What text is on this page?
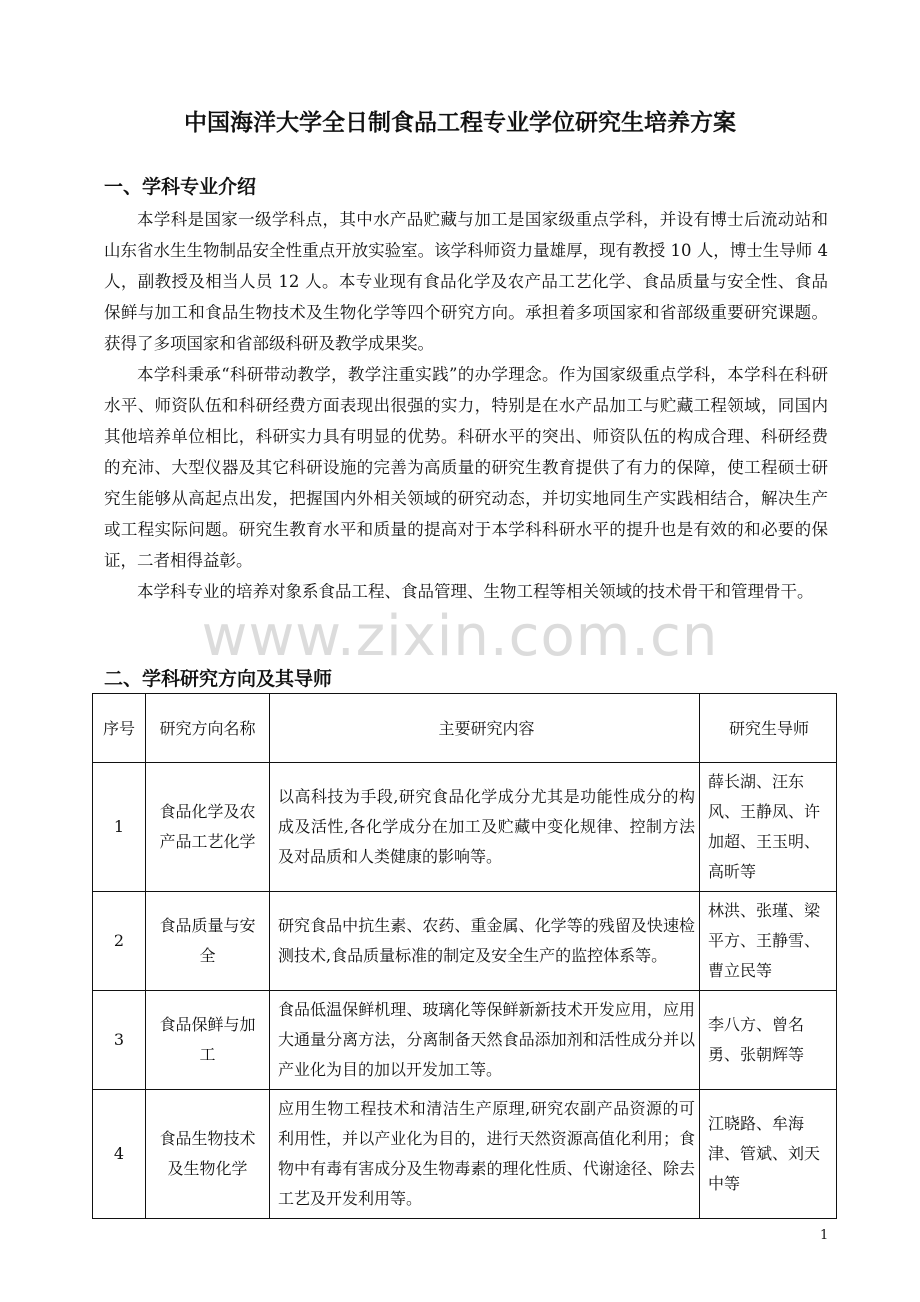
中国海洋大学全日制食品工程专业学位研究生培养方案
一、学科专业介绍

本学科是国家一级学科点，其中水产品贮藏与加工是国家级重点学科，并设有博士后流动站和山东省水生生物制品安全性重点开放实验室。该学科师资力量雄厚，现有教授 10 人，博士生导师 4 人，副教授及相当人员 12 人。本专业现有食品化学及农产品工艺化学、食品质量与安全性、食品保鲜与加工和食品生物技术及生物化学等四个研究方向。承担着多项国家和省部级重要研究课题。获得了多项国家和省部级科研及教学成果奖。

本学科秉承“科研带动教学，教学注重实践”的办学理念。作为国家级重点学科，本学科在科研水平、师资队伍和科研经费方面表现出很强的实力，特别是在水产品加工与贮藏工程领域，同国内其他培养单位相比，科研实力具有明显的优势。科研水平的突出、师资队伍的构成合理、科研经费的充沛、大型仪器及其它科研设施的完善为高质量的研究生教育提供了有力的保障，使工程硕士研究生能够从高起点出发，把握国内外相关领域的研究动态，并切实地同生产实践相结合，解决生产或工程实际问题。研究生教育水平和质量的提高对于本学科科研水平的提升也是有效的和必要的保证，二者相得益彰。

本学科专业的培养对象系食品工程、食品管理、生物工程等相关领域的技术骨干和管理骨干。

www.zixin.com.cn
二、学科研究方向及其导师
序号	研究方向名称	主要研究内容	研究生导师
1	食品化学及农产品工艺化学	以高科技为手段,研究食品化学成分尤其是功能性成分的构成及活性,各化学成分在加工及贮藏中变化规律、控制方法及对品质和人类健康的影响等。	薛长湖、汪东风、王静凤、许加超、王玉明、高昕等
2	食品质量与安全	研究食品中抗生素、农药、重金属、化学等的残留及快速检测技术,食品质量标准的制定及安全生产的监控体系等。	林洪、张瑾、梁平方、王静雪、曹立民等
3	食品保鲜与加工	食品低温保鲜机理、玻璃化等保鲜新新技术开发应用，应用大通量分离方法，分离制备天然食品添加剂和活性成分并以产业化为目的加以开发加工等。	李八方、曾名勇、张朝辉等
4	食品生物技术及生物化学	应用生物工程技术和清洁生产原理,研究农副产品资源的可利用性，并以产业化为目的，进行天然资源高值化利用；食物中有毒有害成分及生物毒素的理化性质、代谢途径、除去工艺及开发利用等。	江晓路、牟海津、管斌、刘天中等
1
